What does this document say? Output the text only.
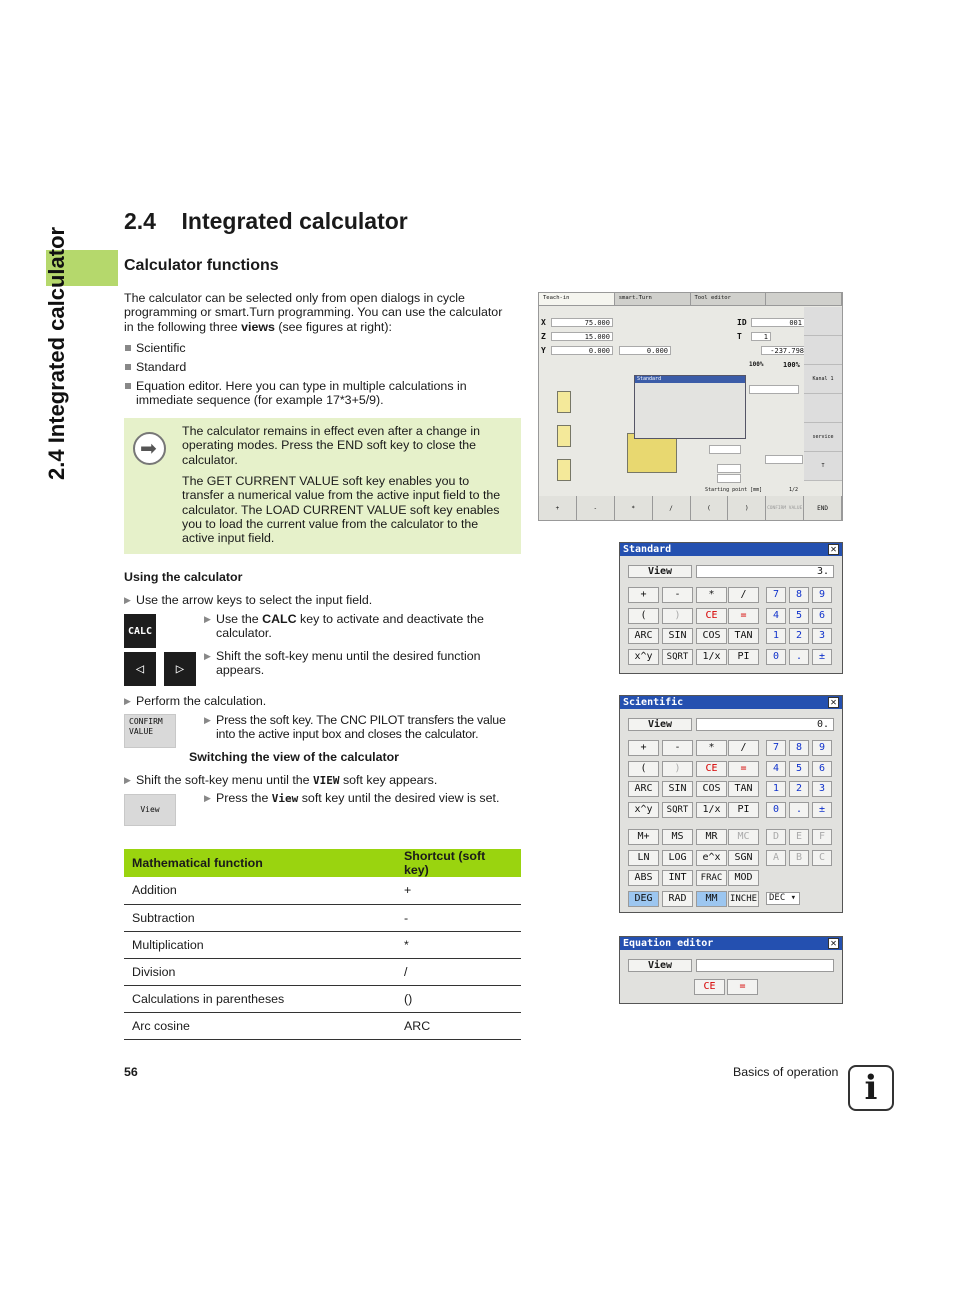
2.4 Integrated calculator
2.4    Integrated calculator
Calculator functions
The calculator can be selected only from open dialogs in cycle
programming or smart.Turn programming. You can use the calculator
in the following three views (see figures at right):
Scientific
Standard
Equation editor. Here you can type in multiple calculations in immediate sequence (for example 17*3+5/9).
➡

The calculator remains in effect even after a change in operating modes. Press the END soft key to close the calculator.

The GET CURRENT VALUE soft key enables you to transfer a numerical value from the active input field to the calculator. The LOAD CURRENT VALUE soft key enables you to load the current value from the calculator to the active input field.

Using the calculator
▶ Use the arrow keys to select the input field.
CALC
▶ Use the CALC key to activate and deactivate the calculator.
◁	▷
▶ Shift the soft-key menu until the desired function appears.
▶ Perform the calculation.
CONFIRM
VALUE
▶ Press the soft key. The CNC PILOT transfers the value into the active input box and closes the calculator.
Switching the view of the calculator
▶ Shift the soft-key menu until the VIEW soft key appears.
View
▶ Press the View soft key until the desired view is set.
Mathematical function	Shortcut (soft key)
Addition	+
Subtraction	-
Multiplication	*
Division	/
Calculations in parentheses	()
Arc cosine	ARC
56	Basics of operation i
Teach-in	smart.Turn	Tool editor
X	75.000
Z	15.000
Y	0.000	0.000
ID	001
T	1
-237.798
100%	100%
Standard
Starting point [mm]	1/2
Kanal 1
service
T
+	-	*	/	(	)	CONFIRM VALUE	END
Standard	✕
View	3.
+	-	*	/	7	8	9
(	)	CE	=	4	5	6
ARC	SIN	COS	TAN	1	2	3
x^y	SQRT	1/x	PI	0	.	±
Scientific	✕
View	0.
+	-	*	/	7	8	9
(	)	CE	=	4	5	6
ARC	SIN	COS	TAN	1	2	3
x^y	SQRT	1/x	PI	0	.	±
M+	MS	MR	MC	D	E	F
LN	LOG	e^x	SGN	A	B	C
ABS	INT	FRAC	MOD
DEG	RAD	MM	INCHE	DEC ▾
Equation editor	✕
View
CE	=
